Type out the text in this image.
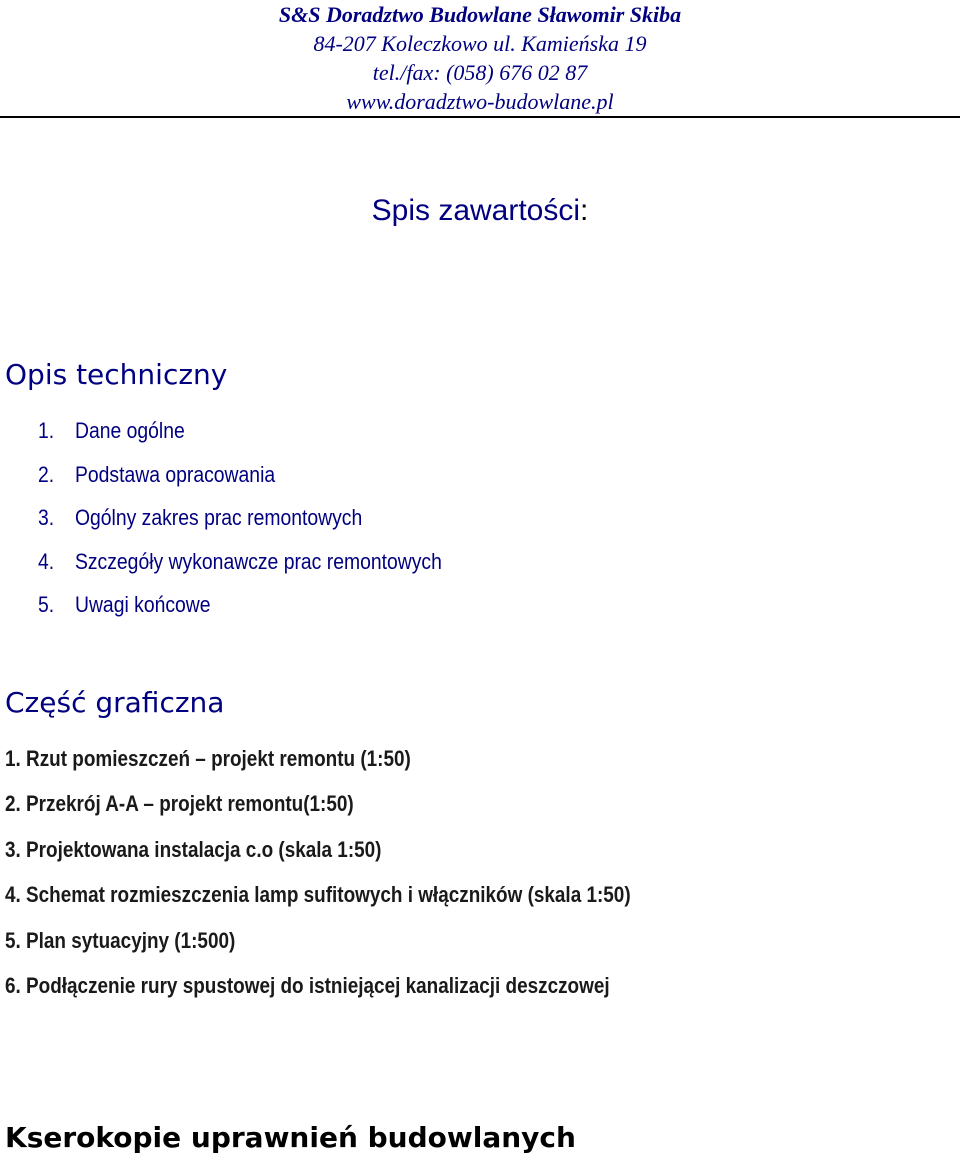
S&S Doradztwo Budowlane Sławomir Skiba
84-207 Koleczkowo ul. Kamieńska 19
tel./fax: (058) 676 02 87
www.doradztwo-budowlane.pl
Spis zawartości:
Opis techniczny
1. Dane ogólne
2. Podstawa opracowania
3. Ogólny zakres prac remontowych
4. Szczegóły wykonawcze prac remontowych
5. Uwagi końcowe
Część graficzna
1. Rzut pomieszczeń – projekt remontu (1:50)
2. Przekrój A-A – projekt remontu(1:50)
3. Projektowana instalacja c.o (skala 1:50)
4. Schemat rozmieszczenia lamp sufitowych i włączników (skala 1:50)
5. Plan sytuacyjny (1:500)
6. Podłączenie rury spustowej do istniejącej kanalizacji deszczowej
Kserokopie uprawnień budowlanych
